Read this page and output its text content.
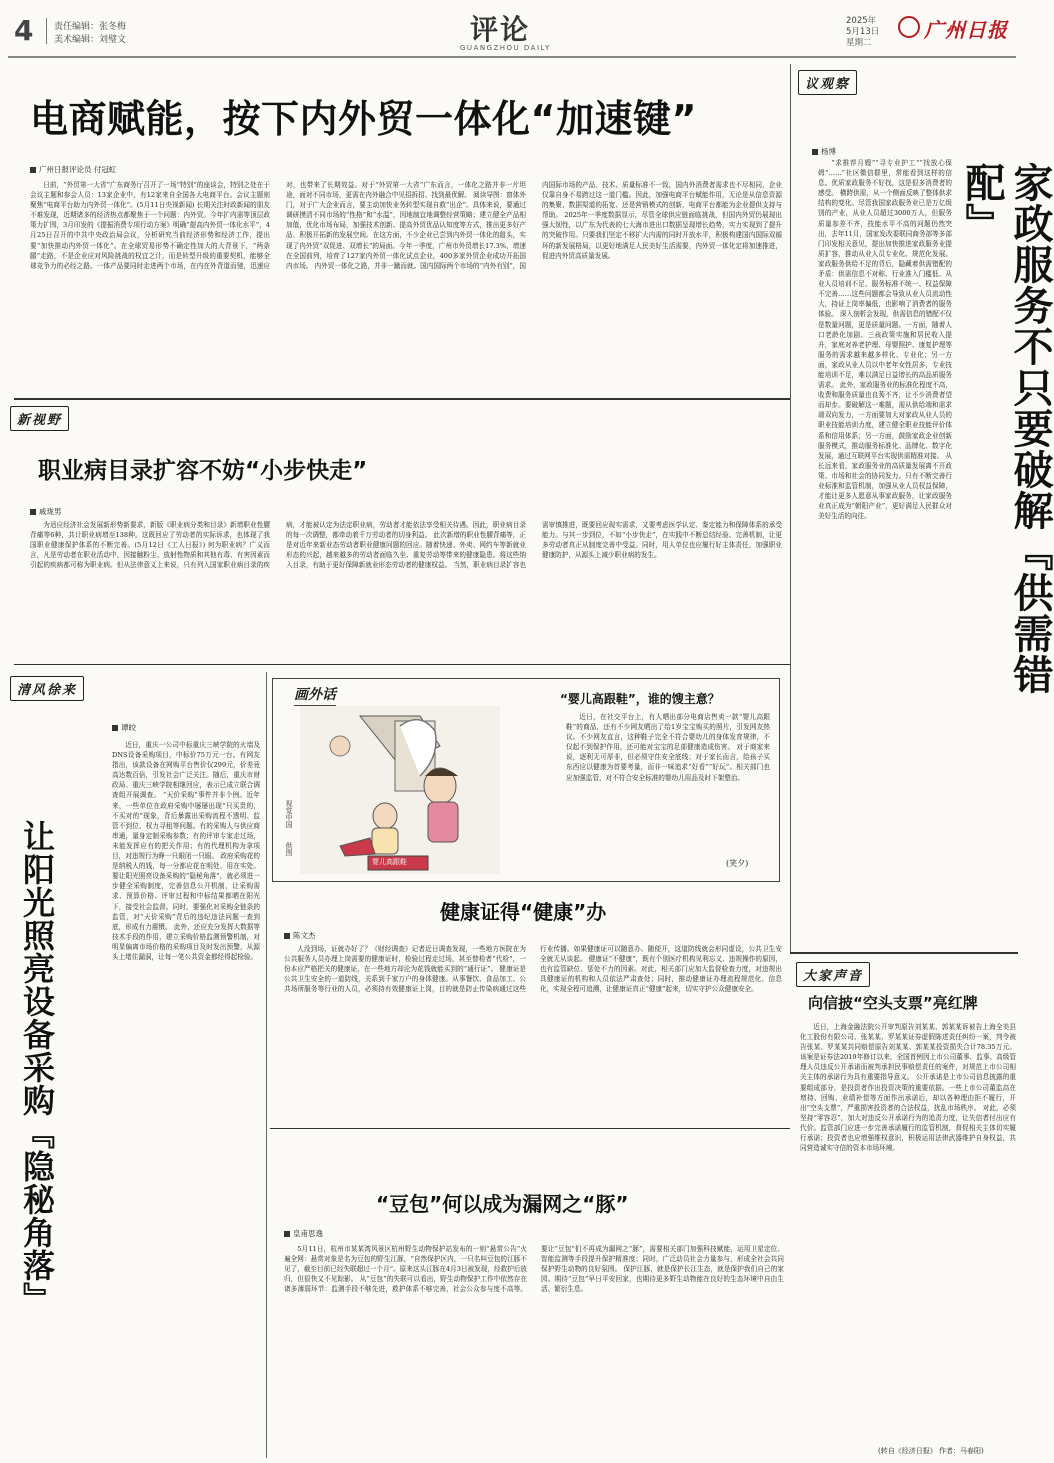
4 责任编辑：张冬梅
美术编辑：刘璧文	评论
GUANGZHOU DAILY
2025年
5月13日
星期二
广州日报
电商赋能，按下内外贸一体化“加速键”
广州日报评论员 付冠虹
日前，“外贸第一大省”广东商务厅召开了一场“特别”的座谈会，特别之处在于会议主题和参会人员：13家企业中，有12家来自全国各大电商平台。会议主题则聚焦“电商平台助力内外贸一体化”。(5月11日央视新闻) 长期关注时政新闻的朋友不难发现，近期诸多的经济热点都聚焦于一个问题：内外贸。今年扩内需等顶层政策力扩围，3月印发的《提振消费专项行动方案》明确“提高内外贸一体化水平”，4月25日召开的中共中央政治局会议，分析研究当前经济形势和经济工作，提出要“加快推动内外贸一体化”。在全球贸易形势不确定性加大的大背景下，“两条腿”走路，不是企业应对风险挑战的权宜之计，而是转型升级的重要契机，能够全球竞争力的必经之路。一体产品要同时走进两个市场，在内在外背道而驰，迅速应对，也带来了长期效益。对于“外贸第一大省”广东而言，一体化之路并非一片坦途，面对不同市场，更需在内外融合中见招拆招、找到最优解。 阅读导图：窗体外门，对于广大企业而言，要主动加快业务转型实现自救“出企”。具体来说，要通过调研摸清不同市场的“性格”和“水温”，因地制宜地调整经营策略；建立健全产品相加值，优化市场布局，加强技术创新、提高外贸优品认知度等方式，推出更多好产品、积极开拓新的发展空间。在这方面，不少企业已尝到内外贸一体化的甜头，实现了内外贸“双促进、双增长”的局面。今年一季度，广州市外贸增长17.3%，增速在全国前列，培育了127家内外贸一体化试点企业，400多家外贸企业成功开拓国内市场。 内外贸一体化之路，并非一蹴而就。国内国际两个市场的“内外有别”，国内国际市场的产品、技术、质量标准不一致，国内外消费者需求也不尽相同，企业仅靠自身不易跨过这一道门槛。因此，加强电商平台赋能作用，无论是从信息资源的集聚、数据渠道的拓宽、还是营销模式的创新，电商平台都能为企业提供支持与帮助。 2025年一季度数据显示，尽管全球供应链面临挑战，但国内外贸仍展现出强大韧性，以广东为代表的七大海市进出口数据呈现增长趋势，实力实现到了提升的突破作用。只要我们坚定不移扩大内需的同时开放水平，积极构建国内国际双循环的新发展格局，以更好地满足人民美好生活需要，内外贸一体化定将加速推进，促进内外贸高质量发展。
议观察
杨博
家政服务不只要破解『供需错配』
“求推荐月嫂”“寻专业护工”“找放心保姆”……“社区微信群里，常能看到这样的信息。优质家政服务不好找，这是很多消费者的感受。 横跨供需，从一个侧面反映了整体供求结构的变化。尽管我国家政服务业已是万亿级别的产业，从业人员超过3000万人，但服务质量参差不齐，技能水平不高的问题仍然突出，去年11月，国家发改委联同商务部等多部门印发相关意见，提出加快推进家政服务业提质扩容，推动从业人员专业化、规范化发展。 家政服务供给不足的背后，隐藏着供需错配的矛盾：供需信息不对称、行业准入门槛低、从业人员培训不足、服务标准不统一、权益保障不完善……这些问题都会导致从业人员流动性大，持证上岗率偏低，也影响了消费者的服务体验。 深入剖析会发现，供需信息的错配不仅是数量问题，更是质量问题。一方面，随着人口老龄化加剧、三孩政策实施和居民收入提升，家庭对养老护理、母婴照护、康复护理等服务的需求越来越多样化、专业化；另一方面，家政从业人员以中老年女性居多，专业技能培训不足，难以满足日益增长的高品质服务需求。 此外，家政服务业的标准化程度不高，收费和服务质量也良莠不齐，让不少消费者望而却步。要破解这一难题，需从供给端和需求端双向发力，一方面要加大对家政从业人员的职业技能培训力度，建立健全职业技能评价体系和信用体系；另一方面，鼓励家政企业创新服务模式，推动服务标准化、品牌化、数字化发展，通过互联网平台实现供需精准对接。 从长远来看，家政服务业的高质量发展离不开政策、市场和社会的协同发力。只有不断完善行业标准和监管机制，加强从业人员权益保障，才能让更多人愿意从事家政服务，让家政服务业真正成为“朝阳产业”，更好满足人民群众对美好生活的向往。
新视野
职业病目录扩容不妨“小步快走”
戚珑男
为适应经济社会发展新形势新要求，新版《职业病分类和目录》新增职业性腰背痛等6种，共计职业病增至138种。这既回应了劳动者的实际诉求，也体现了我国职业健康保护体系的不断完善。(5月12日《工人日报》) 何为职业病？广义而言，凡是劳动者在职业活动中，因接触粉尘、放射性物质和其他有毒、有害因素而引起的疾病都可称为职业病。但从法律意义上来说，只有列入国家职业病目录的疾病，才能被认定为法定职业病，劳动者才能依法享受相关待遇。因此，职业病目录的每一次调整，都牵动着千万劳动者的切身利益。 此次新增的职业性腰背痛等，正是对近年来新业态劳动者职业健康问题的回应。随着快递、外卖、网约车等新就业形态的兴起，越来越多的劳动者面临久坐、重复劳动等带来的健康隐患。将这些纳入目录，有助于更好保障新就业形态劳动者的健康权益。 当然，职业病目录扩容也需审慎推进，既要回应现实需求，又要考虑医学认定、鉴定能力和保障体系的承受能力。与其一步到位，不如“小步快走”，在实践中不断总结经验、完善机制，让更多劳动者真正从制度完善中受益。同时，用人单位也应履行好主体责任，加强职业健康防护，从源头上减少职业病的发生。
清风徐来
让阳光照亮设备采购『隐秘角落』
谭皎
近日，重庆一公司中标重庆三峡学院的火墙及DNS设备采购项目，中标价75万元一台。有网友指出，该款设备在网购平台售价仅299元，价差竟高达数百倍，引发社会广泛关注。随后，重庆市财政局、重庆三峡学院相继回应，表示已成立联合调查组开展调查。 “天价采购”事件并非个例。近年来，一些单位在政府采购中屡屡出现“只买贵的，不买对的”现象，背后暴露出采购流程不透明、监管不到位、权力寻租等问题。有的采购人与供应商串通，量身定制采购参数；有的评审专家走过场，未能发挥应有的把关作用；有的代理机构为拿项目，对违规行为睁一只眼闭一只眼。 政府采购花的是纳税人的钱，每一分都应花在明处、用在实处。要让阳光照亮设备采购的“隐秘角落”，就必须进一步健全采购制度，完善信息公开机制，让采购需求、预算价格、评审过程和中标结果都晒在阳光下，接受社会监督。同时，要强化对采购全链条的监管，对“天价采购”背后的违纪违法问题一查到底，形成有力震慑。 此外，还应充分发挥大数据等技术手段的作用，建立采购价格监测预警机制，对明显偏离市场价格的采购项目及时发出预警，从源头上堵住漏洞，让每一笔公共资金都经得起检验。
画外话
婴儿高跟鞋
视觉中国
供图
“婴儿高跟鞋”，谁的馊主意？
近日，在社交平台上，有人晒出部分电商店售卖一款“婴儿高跟鞋”的商品，还有不少网友晒出了给1岁宝宝购买的照片，引发网友热议。不少网友直言，这种鞋子完全不符合婴幼儿的身体发育规律，不仅起不到保护作用，还可能对宝宝的足部健康造成伤害。 对于商家来说，逐利无可厚非，但必须守住安全底线；对于家长而言，给孩子买东西应以健康为首要考量，而非一味追求“好看”“好玩”。相关部门也应加强监管，对不符合安全标准的婴幼儿用品及时下架整治。
(笑夕)
健康证得“健康”办
陈文杰
人没到场，证就办好了？《财经调查》记者近日调查发现，一些地方医院在为公共服务人员办理上岗需要的健康证时，检验过程走过场，甚至替检者“代检”，一份本应严格把关的健康证，在一些地方却沦为花钱就能买到的“通行证”。 健康证是公共卫生安全的一道防线，关系到千家万户的身体健康。从事餐饮、食品加工、公共场所服务等行业的人员，必须持有效健康证上岗，目的就是防止传染病通过这些行业传播。如果健康证可以随意办、随便开，这道防线就会形同虚设，公共卫生安全就无从谈起。 健康证“不健康”，既有个别医疗机构见利忘义、违规操作的原因，也有监管缺位、惩处不力的因素。对此，相关部门应加大监督检查力度，对违规出具健康证的机构和人员依法严肃查处；同时，推动健康证办理流程规范化、信息化，实现全程可追溯，让健康证真正“健康”起来，切实守护公众健康安全。
大家声音
向信披“空头支票”亮红牌
近日，上海金融法院公开审判原告刘某某、郭某某诉被告上海全美县化工股份有限公司、张某某、罗某某证券虚假陈述责任纠纷一案，判令被告张某、罗某某共同赔偿原告刘某某、郭某某投资损失合计78.35万元。 该案是证券法2019年修订以来，全国首例因上市公司董事、监事、高级管理人员违反公开承诺而被判承担民事赔偿责任的案件，对规范上市公司相关主体的承诺行为具有重要指导意义。 公开承诺是上市公司信息披露的重要组成部分，是投资者作出投资决策的重要依据。一些上市公司董监高在增持、回购、业绩补偿等方面作出承诺后，却以各种理由拒不履行，开出“空头支票”，严重损害投资者的合法权益，扰乱市场秩序。 对此，必须坚持“零容忍”，加大对违反公开承诺行为的追责力度，让失信者付出应有代价。监管部门应进一步完善承诺履行的监管机制，督促相关主体切实履行承诺；投资者也应增强维权意识，积极运用法律武器维护自身权益，共同营造诚实守信的资本市场环境。
(转自《经济日报》 作者：马春阳)
“豆包”何以成为漏网之“豚”
皇甫思逸
5月11日，杭州市某某湾风景区杭州野生动物保护站发布的一则“悬赏公告”火遍全网：悬赏对象是名为豆包的野生江豚，“自然保护区内，一只名叫豆包的江豚不见了，截至目前已经失联超过一个月”。原来这头江豚在4月3日被发现，经救护后放归，但很快又不见踪影。 从“豆包”的失联可以看出，野生动物保护工作中依然存在诸多薄弱环节：监测手段不够先进，救护体系不够完善，社会公众参与度不高等。要让“豆包”们不再成为漏网之“豚”，需要相关部门加强科技赋能，运用卫星定位、智能监测等手段提升保护精准度；同时，广泛动员社会力量参与，形成全社会共同保护野生动物的良好氛围。 保护江豚，就是保护长江生态，就是保护我们自己的家园。期待“豆包”早日平安回家，也期待更多野生动物能在良好的生态环境中自由生活、繁衍生息。
